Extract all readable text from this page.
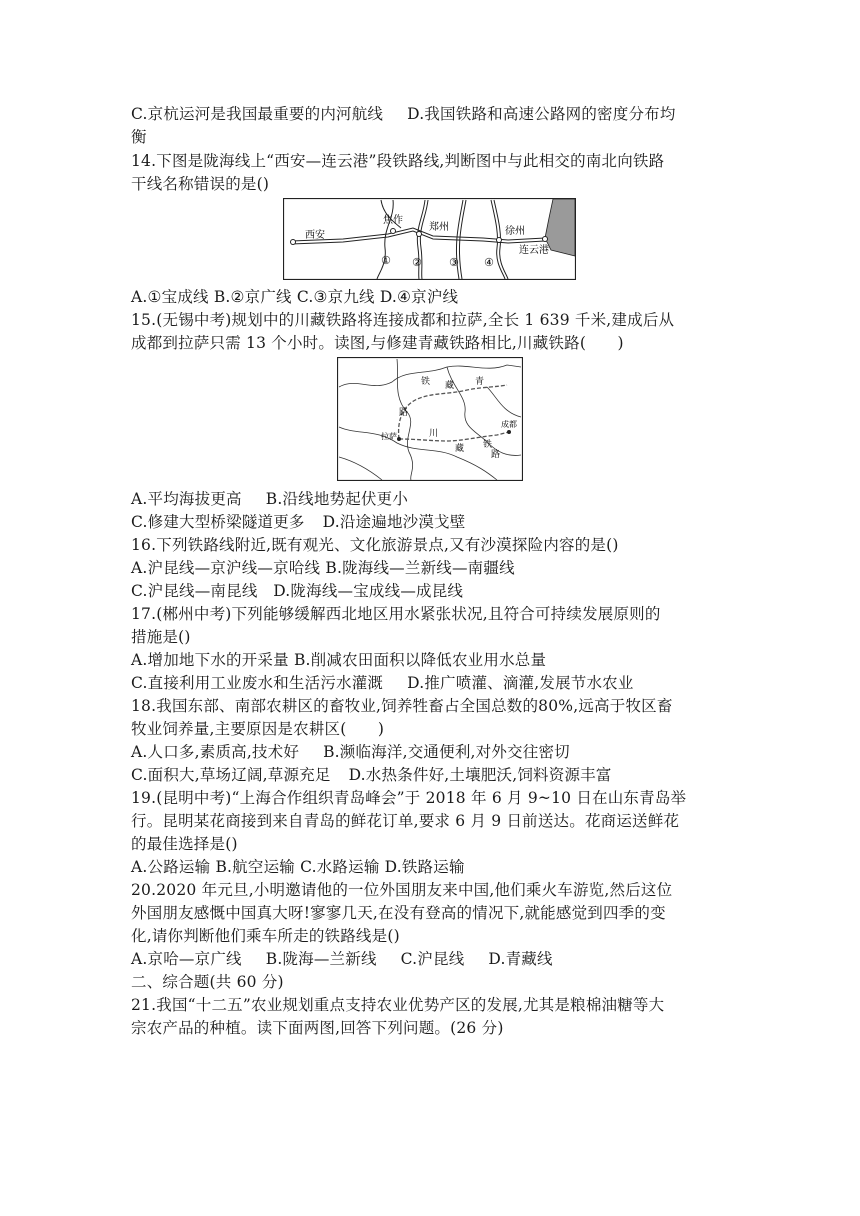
C.京杭运河是我国最重要的内河航线 D.我国铁路和高速公路网的密度分布均
衡
14.下图是陇海线上“西安—连云港”段铁路线,判断图中与此相交的南北向铁路
干线名称错误的是()
西安
焦作
郑州	徐州
连云港
① ② ③ ④
A.①宝成线 B.②京广线 C.③京九线 D.④京沪线
15.(无锡中考)规划中的川藏铁路将连接成都和拉萨,全长 1 639 千米,建成后从
成都到拉萨只需 13 个小时。读图,与修建青藏铁路相比,川藏铁路(　　)
铁 藏 青
路
拉萨	川
藏 铁
路
成都
A.平均海拔更高 B.沿线地势起伏更小
C.修建大型桥梁隧道更多 D.沿途遍地沙漠戈壁
16.下列铁路线附近,既有观光、文化旅游景点,又有沙漠探险内容的是()
A.沪昆线—京沪线—京哈线 B.陇海线—兰新线—南疆线
C.沪昆线—南昆线　D.陇海线—宝成线—成昆线
17.(郴州中考)下列能够缓解西北地区用水紧张状况,且符合可持续发展原则的
措施是()
A.增加地下水的开采量 B.削减农田面积以降低农业用水总量
C.直接利用工业废水和生活污水灌溉 D.推广喷灌、滴灌,发展节水农业
18.我国东部、南部农耕区的畜牧业,饲养牲畜占全国总数的80%,远高于牧区畜
牧业饲养量,主要原因是农耕区(　　)
A.人口多,素质高,技术好 B.濒临海洋,交通便利,对外交往密切
C.面积大,草场辽阔,草源充足 D.水热条件好,土壤肥沃,饲料资源丰富
19.(昆明中考)“上海合作组织青岛峰会”于 2018 年 6 月 9~10 日在山东青岛举
行。昆明某花商接到来自青岛的鲜花订单,要求 6 月 9 日前送达。花商运送鲜花
的最佳选择是()
A.公路运输 B.航空运输 C.水路运输 D.铁路运输
20.2020 年元旦,小明邀请他的一位外国朋友来中国,他们乘火车游览,然后这位
外国朋友感慨中国真大呀!寥寥几天,在没有登高的情况下,就能感觉到四季的变
化,请你判断他们乘车所走的铁路线是()
A.京哈—京广线 B.陇海—兰新线 C.沪昆线 D.青藏线
二、综合题(共 60 分)
21.我国“十二五”农业规划重点支持农业优势产区的发展,尤其是粮棉油糖等大
宗农产品的种植。读下面两图,回答下列问题。(26 分)
